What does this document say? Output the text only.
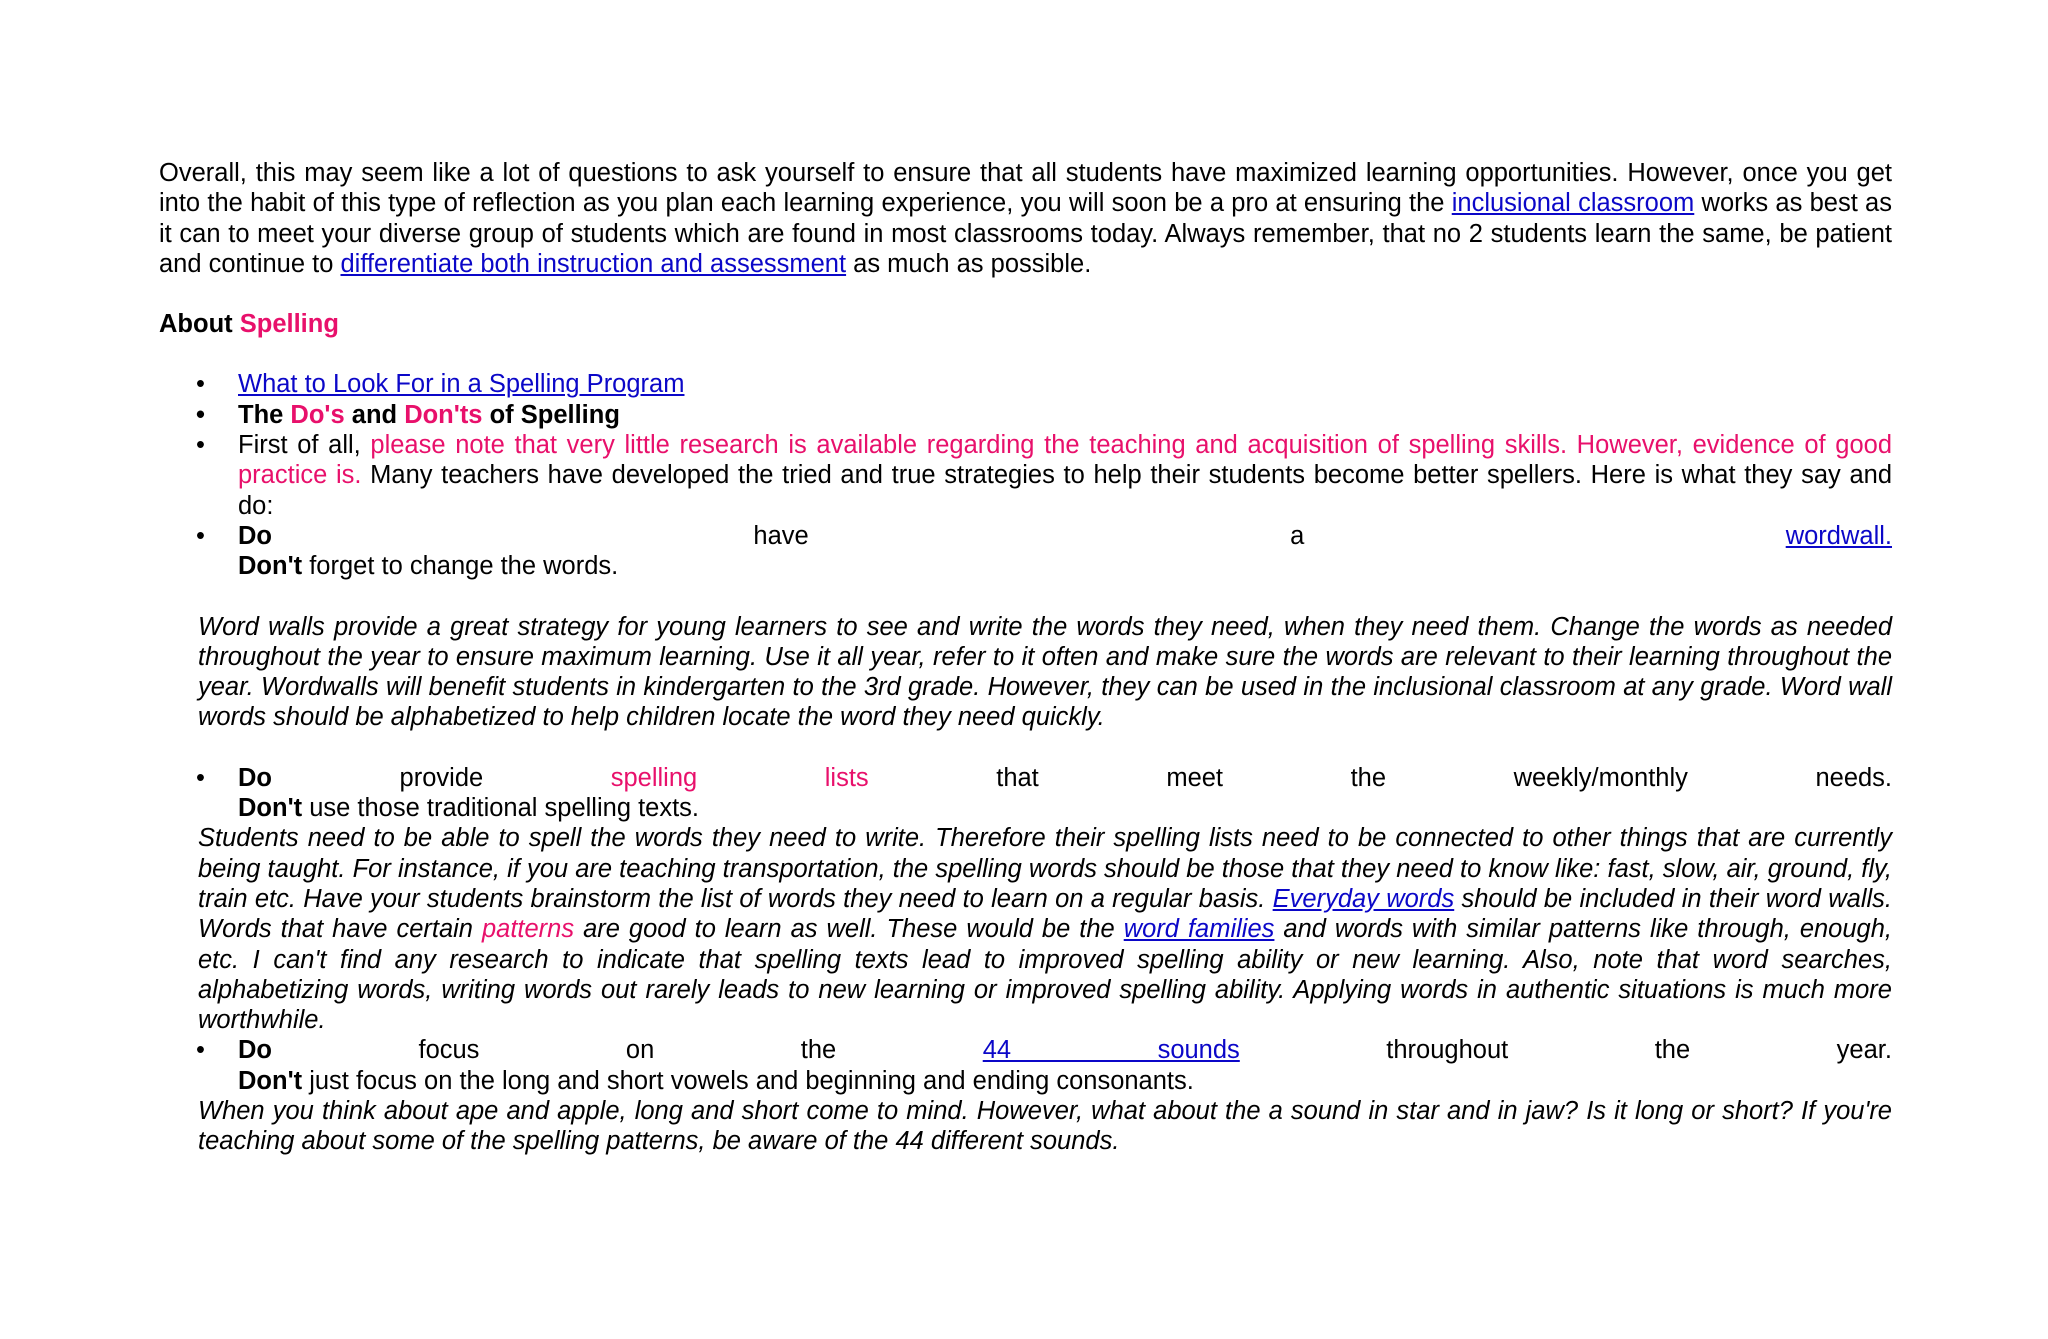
Overall, this may seem like a lot of questions to ask yourself to ensure that all students have maximized learning opportunities. However, once you get into the habit of this type of reflection as you plan each learning experience, you will soon be a pro at ensuring the inclusional classroom works as best as it can to meet your diverse group of students which are found in most classrooms today. Always remember, that no 2 students learn the same, be patient and continue to differentiate both instruction and assessment as much as possible.

About Spelling

• What to Look For in a Spelling Program
• The Do's and Don'ts of Spelling
• First of all, please note that very little research is available regarding the teaching and acquisition of spelling skills. However, evidence of good practice is. Many teachers have developed the tried and true strategies to help their students become better spellers. Here is what they say and do:
• Do	have	a	wordwall.
Don't forget to change the words.

Word walls provide a great strategy for young learners to see and write the words they need, when they need them. Change the words as needed throughout the year to ensure maximum learning. Use it all year, refer to it often and make sure the words are relevant to their learning throughout the year. Wordwalls will benefit students in kindergarten to the 3rd grade. However, they can be used in the inclusional classroom at any grade. Word wall words should be alphabetized to help children locate the word they need quickly.

• Do	provide	spelling	lists	that	meet	the	weekly/monthly	needs.
Don't use those traditional spelling texts.

Students need to be able to spell the words they need to write. Therefore their spelling lists need to be connected to other things that are currently being taught. For instance, if you are teaching transportation, the spelling words should be those that they need to know like: fast, slow, air, ground, fly, train etc. Have your students brainstorm the list of words they need to learn on a regular basis. Everyday words should be included in their word walls. Words that have certain patterns are good to learn as well. These would be the word families and words with similar patterns like through, enough, etc. I can't find any research to indicate that spelling texts lead to improved spelling ability or new learning. Also, note that word searches, alphabetizing words, writing words out rarely leads to new learning or improved spelling ability. Applying words in authentic situations is much more worthwhile.

• Do	focus	on	the	44 sounds	throughout	the	year.
Don't just focus on the long and short vowels and beginning and ending consonants.

When you think about ape and apple, long and short come to mind. However, what about the a sound in star and in jaw? Is it long or short? If you're teaching about some of the spelling patterns, be aware of the 44 different sounds.
